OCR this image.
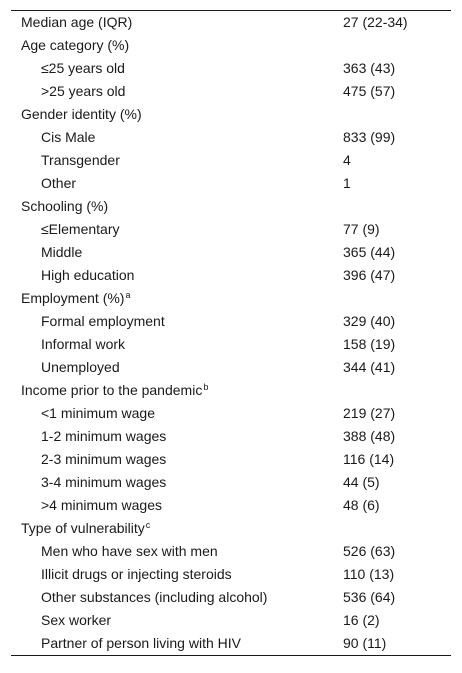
Median age (IQR)	27 (22-34)
Age category (%)	
≤25 years old	363 (43)
>25 years old	475 (57)
Gender identity (%)	
Cis Male	833 (99)
Transgender	4
Other	1
Schooling (%)	
≤Elementary	77 (9)
Middle	365 (44)
High education	396 (47)
Employment (%)$^a$	
Formal employment	329 (40)
Informal work	158 (19)
Unemployed	344 (41)
Income prior to the pandemic$^b$	
<1 minimum wage	219 (27)
1-2 minimum wages	388 (48)
2-3 minimum wages	116 (14)
3-4 minimum wages	44 (5)
>4 minimum wages	48 (6)
Type of vulnerability$^c$	
Men who have sex with men	526 (63)
Illicit drugs or injecting steroids	110 (13)
Other substances (including alcohol)	536 (64)
Sex worker	16 (2)
Partner of person living with HIV	90 (11)
